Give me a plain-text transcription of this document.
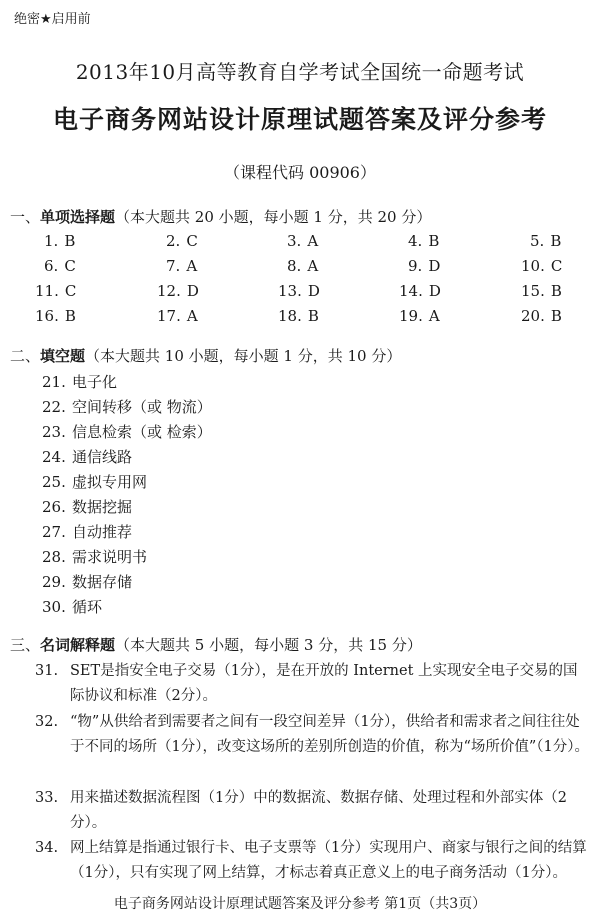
绝密★启用前
2013年10月高等教育自学考试全国统一命题考试
电子商务网站设计原理试题答案及评分参考
（课程代码 00906）
一、单项选择题（本大题共 20 小题，每小题 1 分，共 20 分）
1. B	2. C	3. A	4. B	5. B
6. C	7. A	8. A	9. D	10. C
11. C	12. D	13. D	14. D	15. B
16. B	17. A	18. B	19. A	20. B
二、填空题（本大题共 10 小题，每小题 1 分，共 10 分）
21. 电子化
22. 空间转移（或 物流）
23. 信息检索（或 检索）
24. 通信线路
25. 虚拟专用网
26. 数据挖掘
27. 自动推荐
28. 需求说明书
29. 数据存储
30. 循环
三、名词解释题（本大题共 5 小题，每小题 3 分，共 15 分）
31. SET是指安全电子交易（1分），是在开放的 Internet 上实现安全电子交易的国际协议和标准（2分）。
32. “物”从供给者到需要者之间有一段空间差异（1分），供给者和需求者之间往往处于不同的场所（1分），改变这场所的差别所创造的价值，称为“场所价值”（1分）。
33. 用来描述数据流程图（1分）中的数据流、数据存储、处理过程和外部实体（2分）。
34. 网上结算是指通过银行卡、电子支票等（1分）实现用户、商家与银行之间的结算（1分），只有实现了网上结算，才标志着真正意义上的电子商务活动（1分）。
电子商务网站设计原理试题答案及评分参考 第1页（共3页）
